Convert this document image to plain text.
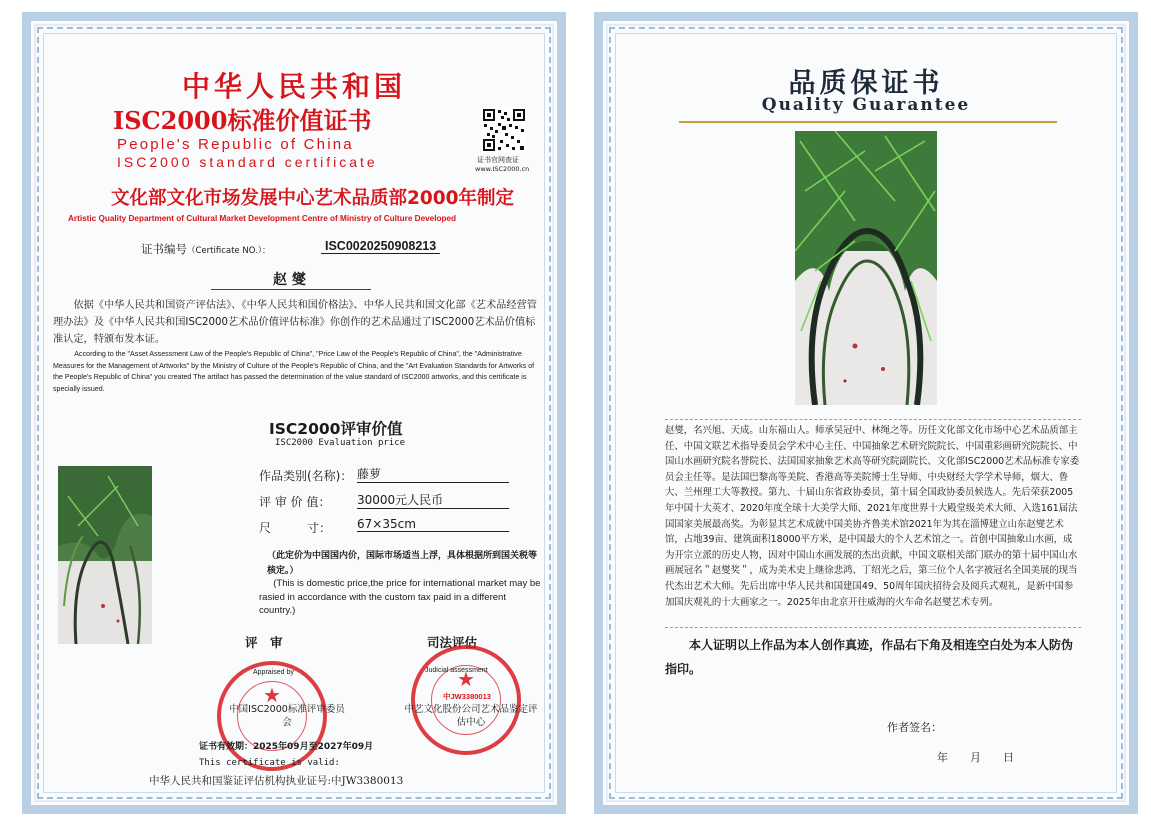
中华人民共和国
ISC2000标准价值证书
People's Republic of China
ISC2000 standard certificate	证书官网查证
www.ISC2000.cn
文化部文化市场发展中心艺术品质部2000年制定
Artistic Quality Department of Cultural Market Development Centre of Ministry of Culture Developed
证书编号（Certificate NO.）：	ISC0020250908213
赵 燮
依据《中华人民共和国资产评估法》、《中华人民共和国价格法》、中华人民共和国文化部《艺术品经营管理办法》及《中华人民共和国ISC2000艺术品价值评估标准》你创作的艺术品通过了ISC2000艺术品价值标准认定，特颁布发本证。
According to the "Asset Assessment Law of the People's Republic of China", "Price Law of the People's Republic of China", the "Administrative Measures for the Management of Artworks" by the Ministry of Culture of the People's Republic of China, and the "Art Evaluation Standards for Artworks of the People's Republic of China" you created The artifact has passed the determination of the value standard of ISC2000 artworks, and this certificate is specially issued.
ISC2000评审价值
ISC2000 Evaluation price
作品类别(名称)： 藤萝
评 审 价 值： 30000元人民币
尺　　　寸： 67×35cm
（此定价为中国国内价，国际市场适当上浮，具体根据所到国关税等核定。）
(This is domestic price,the price for international market may be rasied in accordance with the custom tax paid in a different country.)
评　审	司法评估
★
★
Appraised by	Judicial assessment
中国ISC2000标准评审委员会
中JW3380013
中艺文化股份公司艺术品鉴定评估中心
证书有效期：2025年09月至2027年09月
This certificate is valid:
中华人民共和国鉴证评估机构执业证号:中JW3380013
品质保证书
Quality Guarantee
赵燮，名兴旭、天成。山东福山人。师承吴冠中、林绳之等。历任文化部文化市场中心艺术品质部主任、中国文联艺术指导委员会学术中心主任、中国抽象艺术研究院院长、中国重彩画研究院院长、中国山水画研究院名誉院长、法国国家抽象艺术高等研究院副院长、文化部ISC2000艺术品标准专家委员会主任等。是法国巴黎高等美院、香港高等美院博士生导师、中央财经大学学术导师，烟大、鲁大、兰州理工大等教授。第九、十届山东省政协委员，第十届全国政协委员候选人。先后荣获2005年中国十大英才、2020年度全球十大美学大师、2021年度世界十大殿堂级美术大师、入选161届法国国家美展最高奖。为彰显其艺术成就中国美协齐鲁美术馆2021年为其在淄博建立山东赵燮艺术馆，占地39亩、建筑面积18000平方米，是中国最大的个人艺术馆之一。首创中国抽象山水画，成为开宗立派的历史人物，因对中国山水画发展的杰出贡献，中国文联相关部门联办的第十届中国山水画展冠名＂赵燮奖＂，成为美术史上继徐悲鸿、丁绍光之后，第三位个人名字被冠名全国美展的现当代杰出艺术大师。先后出席中华人民共和国建国49、50周年国庆招待会及阅兵式观礼，是新中国参加国庆观礼的十大画家之一。2025年由北京开往威海的火车命名赵燮艺术专列。
本人证明以上作品为本人创作真迹，作品右下角及相连空白处为本人防伪指印。
作者签名：
年　　月　　日
